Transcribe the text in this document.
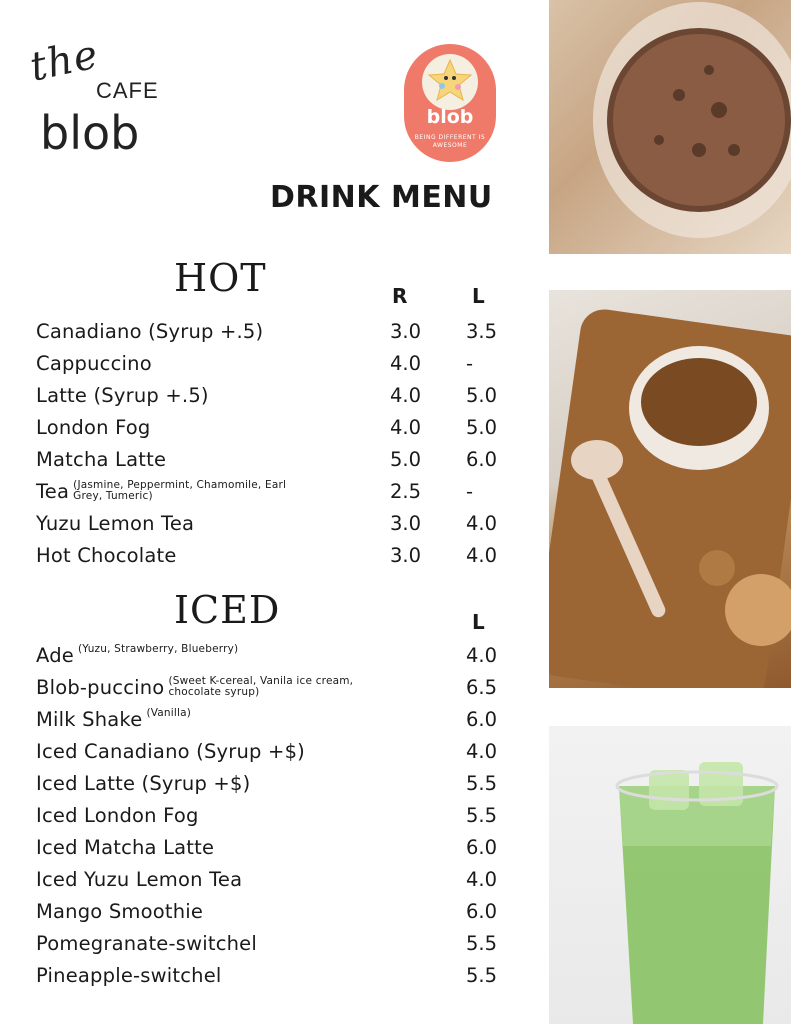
the
CAFE
blob	blob
BEING DIFFERENT IS AWESOME
DRINK MENU
HOT	R	L
Canadiano (Syrup +.5)	3.0 3.5
Cappuccino	4.0 -
Latte (Syrup +.5)	4.0 5.0
London Fog	4.0 5.0
Matcha Latte	5.0 6.0
Tea (Jasmine, Peppermint, Chamomile, Earl Grey, Tumeric)	2.5 -
Yuzu Lemon Tea	3.0 4.0
Hot Chocolate	3.0 4.0
ICED	L
Ade (Yuzu, Strawberry, Blueberry)	4.0
Blob-puccino (Sweet K-cereal, Vanila ice cream, chocolate syrup)	6.5
Milk Shake (Vanilla)	6.0
Iced Canadiano (Syrup +$)	4.0
Iced Latte (Syrup +$)	5.5
Iced London Fog	5.5
Iced Matcha Latte	6.0
Iced Yuzu Lemon Tea	4.0
Mango Smoothie	6.0
Pomegranate-switchel	5.5
Pineapple-switchel	5.5
